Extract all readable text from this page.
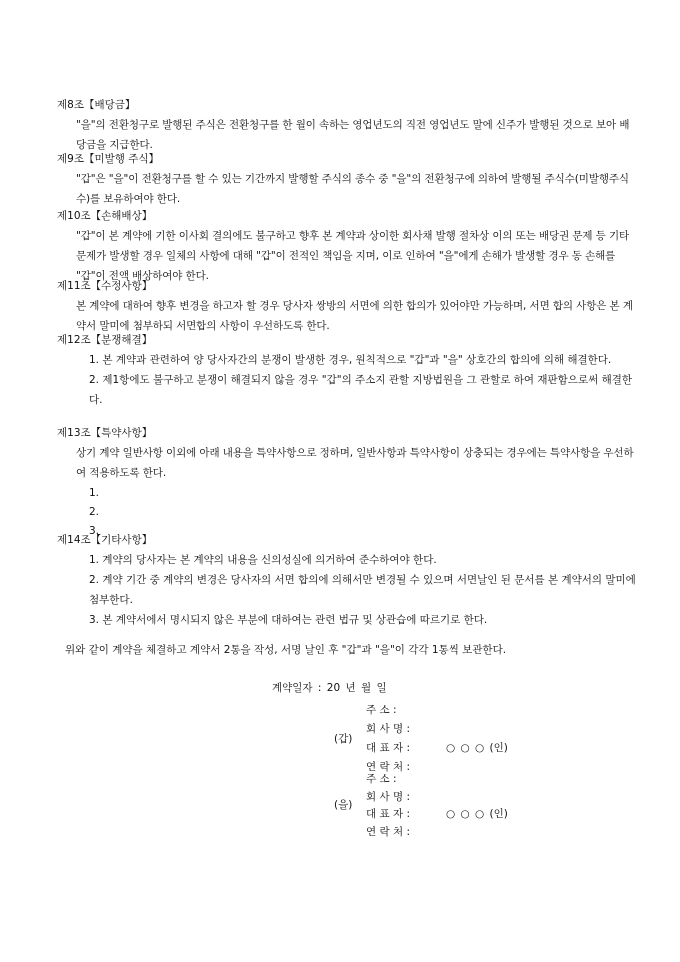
제8조【배당금】
"을"의 전환청구로 발행된 주식은 전환청구를 한 월이 속하는 영업년도의 직전 영업년도 말에 신주가 발행된 것으로 보아 배당금을 지급한다.
제9조【미발행 주식】
"갑"은 "을"이 전환청구를 할 수 있는 기간까지 발행할 주식의 종수 중 "을"의 전환청구에 의하여 발행될 주식수(미발행주식수)를 보유하여야 한다.
제10조【손해배상】
"갑"이 본 계약에 기한 이사회 결의에도 불구하고 향후 본 계약과 상이한 회사채 발행 절차상 이의 또는 배당권 문제 등 기타 문제가 발생할 경우 일체의 사항에 대해 "갑"이 전적인 책임을 지며, 이로 인하여 "을"에게 손해가 발생할 경우 동 손해를 "갑"이 전액 배상하여야 한다.
제11조【수정사항】
본 계약에 대하여 향후 변경을 하고자 할 경우 당사자 쌍방의 서면에 의한 합의가 있어야만 가능하며, 서면 합의 사항은 본 계약서 말미에 첨부하되 서면합의 사항이 우선하도록 한다.
제12조【분쟁해결】
1. 본 계약과 관련하여 양 당사자간의 분쟁이 발생한 경우, 원칙적으로 "갑"과 "을" 상호간의 합의에 의해 해결한다.
2. 제1항에도 불구하고 분쟁이 해결되지 않을 경우 "갑"의 주소지 관할 지방법원을 그 관할로 하여 재판함으로써 해결한다.
제13조【특약사항】
상기 계약 일반사항 이외에 아래 내용을 특약사항으로 정하며, 일반사항과 특약사항이 상충되는 경우에는 특약사항을 우선하여 적용하도록 한다.
1.
2.
3.
제14조【기타사항】
1. 계약의 당사자는 본 계약의 내용을 신의성실에 의거하여 준수하여야 한다.
2. 계약 기간 중 계약의 변경은 당사자의 서면 합의에 의해서만 변경될 수 있으며 서면날인 된 문서를 본 계약서의 말미에 첨부한다.
3. 본 계약서에서 명시되지 않은 부분에 대하여는 관련 법규 및 상관습에 따르기로 한다.
위와 같이 계약을 체결하고 계약서 2통을 작성, 서명 날인 후 "갑"과 "을"이 각각 1통씩 보관한다.
계약일자 : 20 년 월 일
(갑)
주 소 :
회 사 명 :
대 표 자 :	○ ○ ○ (인)
연 락 처 :
(을)
주 소 :
회 사 명 :
대 표 자 :	○ ○ ○ (인)
연 락 처 :
